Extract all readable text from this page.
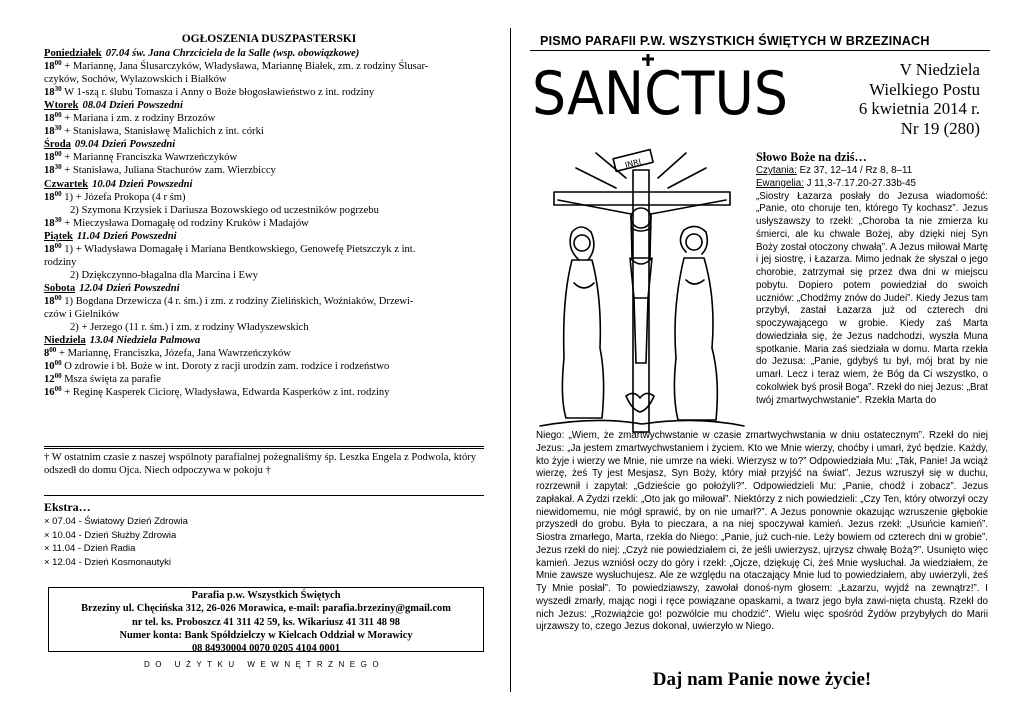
OGŁOSZENIA DUSZPASTERSKI
Poniedziałek 07.04 św. Jana Chrzciciela de la Salle (wsp. obowiązkowe)
$18^{00}$ + Mariannę, Jana Ślusarczyków, Władysława, Mariannę Białek, zm. z rodziny Ślusar-
czyków, Sochów, Wylazowskich i Białków
$18^{30}$ W 1-szą r. ślubu Tomasza i Anny o Boże błogosławieństwo z int. rodziny
Wtorek 08.04 Dzień Powszedni
$18^{00}$ + Mariana i zm. z rodziny Brzozów
$18^{30}$ + Stanisława, Stanisławę Malichich z int. córki
Środa 09.04 Dzień Powszedni
$18^{00}$ + Mariannę Franciszka Wawrzeńczyków
$18^{30}$ + Stanisława, Juliana Stachurów zam. Wierzbiccy
Czwartek 10.04 Dzień Powszedni
$18^{00}$ 1) + Józefa Prokopa (4 r śm)
2) Szymona Krzysiek i Dariusza Bozowskiego od uczestników pogrzebu
$18^{30}$ + Mieczysława Domagałę od rodziny Kruków i Madajów
Piątek 11.04 Dzień Powszedni
$18^{00}$ 1) + Władysława Domagałę i Mariana Bentkowskiego, Genowefę Pietszczyk z int.
rodziny
2) Dziękczynno-błagalna dla Marcina i Ewy
Sobota 12.04 Dzień Powszedni
$18^{00}$ 1) Bogdana Drzewicza (4 r. śm.) i zm. z rodziny Zielińskich, Woźniaków, Drzewi-
czów i Gielników
2) + Jerzego (11 r. śm.) i zm. z rodziny Władyszewskich
Niedziela 13.04 Niedziela Palmowa
$8^{00}$ + Mariannę, Franciszka, Józefa, Jana Wawrzeńczyków
$10^{00}$ O zdrowie i bł. Boże w int. Doroty z racji urodzin zam. rodzice i rodzeństwo
$12^{00}$ Msza święta za parafie
$16^{00}$ + Reginę Kasperek Ciciorę, Władysława, Edwarda Kasperków z int. rodziny
† W ostatnim czasie z naszej wspólnoty parafialnej pożegnaliśmy śp. Leszka Engela z Podwola, który odszedł do domu Ojca. Niech odpoczywa w pokoju †
Ekstra…
× 07.04 - Światowy Dzień Zdrowia
× 10.04 - Dzień Służby Zdrowia
× 11.04 - Dzień Radia
× 12.04 - Dzień Kosmonautyki
Parafia p.w. Wszystkich Świętych
Brzeziny ul. Chęcińska 312, 26-026 Morawica, e-mail: parafia.brzeziny@gmail.com
nr tel. ks. Proboszcz 41 311 42 59, ks. Wikariusz 41 311 48 98
Numer konta: Bank Spółdzielczy w Kielcach Oddział w Morawicy
08 84930004 0070 0205 4104 0001
DO UŻYTKU WEWNĘTRZNEGO
PISMO PARAFII P.W. WSZYSTKICH ŚWIĘTYCH W BRZEZINACH
SANCTUS	V Niedziela
Wielkiego Postu
6 kwietnia 2014 r.
Nr 19 (280)
INRI	Słowo Boże na dziś…
Czytania: Ez 37, 12–14 / Rz 8, 8–11
Ewangelia: J 11,3-7.17.20-27.33b-45

„Siostry Łazarza posłały do Jezusa wiadomość: „Panie, oto choruje ten, którego Ty kochasz”. Jezus usłyszawszy to rzekł: „Choroba ta nie zmierza ku śmierci, ale ku chwale Bożej, aby dzięki niej Syn Boży został otoczony chwałą”. A Jezus miłował Martę i jej siostrę, i Łazarza. Mimo jednak że słyszał o jego chorobie, zatrzymał się przez dwa dni w miejscu pobytu. Dopiero potem powiedział do swoich uczniów: „Chodźmy znów do Judei”. Kiedy Jezus tam przybył, zastał Łazarza już od czterech dni spoczywającego w grobie. Kiedy zaś Marta dowiedziała się, że Jezus nadchodzi, wyszła Muna spotkanie. Maria zaś siedziała w domu. Marta rzekła do Jezusa: „Panie, gdybyś tu był, mój brat by nie umarł. Lecz i teraz wiem, że Bóg da Ci wszystko, o cokolwiek byś prosił Boga”. Rzekł do niej Jezus: „Brat twój zmartwychwstanie”. Rzekła Marta do

Niego: „Wiem, że zmartwychwstanie w czasie zmartwychwstania w dniu ostatecznym”. Rzekł do niej Jezus: „Ja jestem zmartwychwstaniem i życiem. Kto we Mnie wierzy, choćby i umarł, żyć będzie. Każdy, kto żyje i wierzy we Mnie, nie umrze na wieki. Wierzysz w to?” Odpowiedziała Mu: „Tak, Panie! Ja wciąż wierzę, żeś Ty jest Mesjasz, Syn Boży, który miał przyjść na świat”. Jezus wzruszył się w duchu, rozrzewnił i zapytał: „Gdzieście go położyli?”. Odpowiedzieli Mu: „Panie, chodź i zobacz”. Jezus zapłakał. A Żydzi rzekli: „Oto jak go miłował”. Niektórzy z nich powiedzieli: „Czy Ten, który otworzył oczy niewidomemu, nie mógł sprawić, by on nie umarł?”. A Jezus ponownie okazując wzruszenie głębokie przyszedł do grobu. Była to pieczara, a na niej spoczywał kamień. Jezus rzekł: „Usuńcie kamień”. Siostra zmarłego, Marta, rzekła do Niego: „Panie, już cuch-nie. Leży bowiem od czterech dni w grobie”. Jezus rzekł do niej: „Czyż nie powiedziałem ci, że jeśli uwierzysz, ujrzysz chwałę Bożą?”. Usunięto więc kamień. Jezus wzniósł oczy do góry i rzekł: „Ojcze, dziękuję Ci, żeś Mnie wysłuchał. Ja wiedziałem, że Mnie zawsze wysłuchujesz. Ale ze względu na otaczający Mnie lud to powiedziałem, aby uwierzyli, żeś Ty Mnie posłał”. To powiedziawszy, zawołał donoś-nym głosem: „Łazarzu, wyjdź na zewnątrz!”. I wyszedł zmarły, mając nogi i ręce powiązane opaskami, a twarz jego była zawi-nięta chustą. Rzekł do nich Jezus: „Rozwiążcie go! pozwólcie mu chodzić”. Wielu więc spośród Żydów przybyłych do Marii ujrzawszy to, czego Jezus dokonał, uwierzyło w Niego.
Daj nam Panie nowe życie!
